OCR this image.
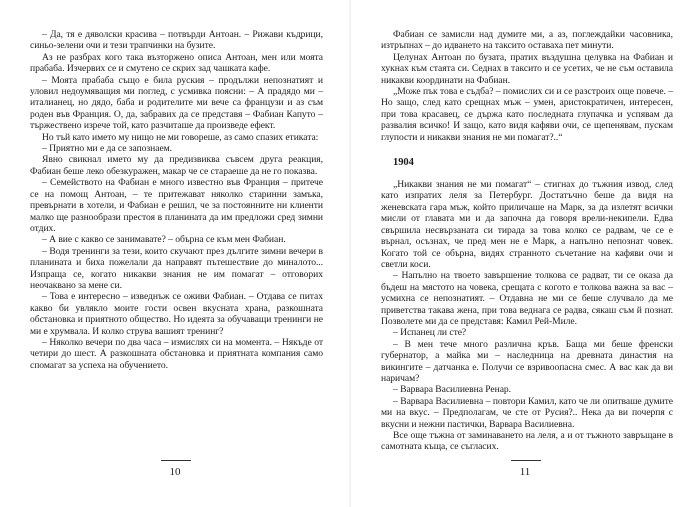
– Да, тя е дяволски красива – потвърди Антоан. – Рижави къдрици, синьо-зелени очи и тези трапчинки на бузите.

Аз не разбрах кого така възторжено описа Антоан, мен или моята прабаба. Изчервих се и смутено се скрих зад чашката кафе.

– Моята прабаба също е била руския – продължи непознатият и уловил недоумяващия ми поглед, с усмивка поясни: – А прадядо ми – италианец, но дядо, баба и родителите ми вече са французи и аз съм роден във Франция. О, да, забравих да се представя – Фабиан Капуто – тържествено изрече той, като разчиташе да произведе ефект.

Но тъй като името му нищо не ми говореше, аз само спазих етиката:

– Приятно ми е да се запознаем.

Явно свикнал името му да предизвиква съвсем друга реакция, Фабиан беше леко обезкуражен, макар че се стараеше да не го показва.

– Семейството на Фабиан е много известно във Франция – притече се на помощ Антоан, – те притежават няколко старинни замъка, превърнати в хотели, и Фабиан е решил, че за постоянните ни клиенти малко ще разнообрази престоя в планината да им предложи сред зимни отдих.

– А вие с какво се занимавате? – обърна се към мен Фабиан.

– Водя тренинги за тези, които скучают през дългите зимни вечери в планината и биха пожелали да направят пътешествие до миналото... Изпраща се, когато никакви знания не им помагат – отговорих неочаквано за мене си.

– Това е интересно – изведнъж се оживи Фабиан. – Отдава се питах какво би увлякло моите гости освен вкусната храна, разкошната обстановка и приятното общество. Но идеята за обучаващи тренинги не ми е хрумвала. И колко струва вашият тренинг?

– Няколко вечери по два часа – измислях си на момента. – Някъде от четири до шест. А разкошната обстановка и приятната компания само спомагат за успеха на обучението.

10

Фабиан се замисли над думите ми, а аз, поглеждайки часовника, изтръпнах – до идването на таксито оставаха пет минути.

Целунах Антоан по бузата, пратих въздушна целувка на Фабиан и хукнах към стаята си. Седнах в таксито и се усетих, че не съм оставила никакви координати на Фабиан.

„Може пък това е съдба? – помислих си и се разстроих още повече. – Но защо, след като срещнах мъж – умен, аристократичен, интересен, при това красавец, се държа като последната глупачка и успявам да развалия всичко! И защо, като видя кафяви очи, се щепенявам, пускам глупости и никакви знания не ми помагат?..“

1904

„Никакви знания не ми помагат“ – стигнах до тъжния извод, след като изпратих леля за Петербург. Достатъчно беше да видя на женевската гара мъж, който приличаше на Марк, за да излетят всички мисли от главата ми и да започна да говоря врели-некипели. Едва свършила несвързаната си тирада за това колко се радвам, че се е върнал, осъзнах, че пред мен не е Марк, а напълно непознат човек. Когато той се обърна, видях странното съчетание на кафяви очи и светли коси.

– Напълно на твоето завършение толкова се радват, ти се оказа да бъдеш на мястото на човека, срещата с когото е толкова важна за вас – усмихна се непознатият. – Отдавна не ми се беше случвало да ме приветства такава жена, при това веднага се радва, сякаш съм й познат. Позволете ми да се представя: Камил Рей-Миле.

– Испанец ли сте?

– В мен тече много различна кръв. Баща ми беше френски губернатор, а майка ми – наследница на древната династия на викингите – датчанка е. Получи се взривоопасна смес. А вас как да ви наричам?

– Варвара Василиевна Ренар.

– Варвара Василиевна – повтори Камил, като че ли опитваше думите ми на вкус. – Предполагам, че сте от Русия?.. Нека да ви почерпя с вкусни и нежни пастички, Варвара Василиевна.

Все още тъжна от заминаването на леля, а и от тъжното завръщане в самотната къща, се съгласих.

11
